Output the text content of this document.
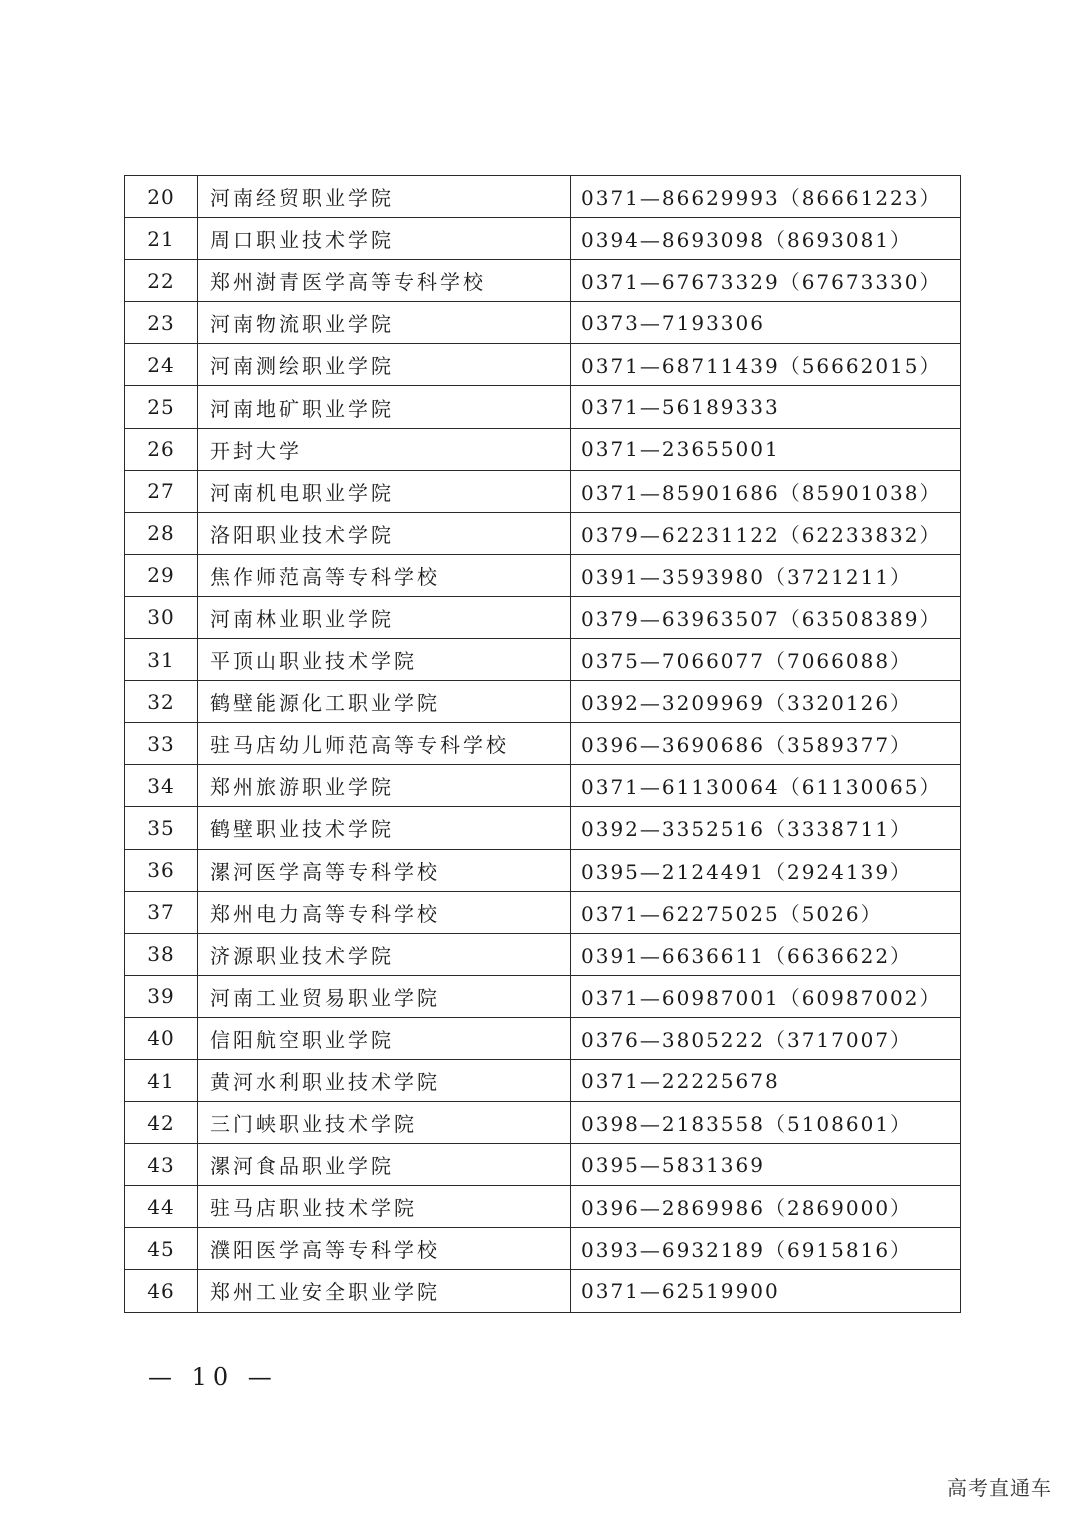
20	河南经贸职业学院	0371—86629993（86661223）
21	周口职业技术学院	0394—8693098（8693081）
22	郑州澍青医学高等专科学校	0371—67673329（67673330）
23	河南物流职业学院	0373—7193306
24	河南测绘职业学院	0371—68711439（56662015）
25	河南地矿职业学院	0371—56189333
26	开封大学	0371—23655001
27	河南机电职业学院	0371—85901686（85901038）
28	洛阳职业技术学院	0379—62231122（62233832）
29	焦作师范高等专科学校	0391—3593980（3721211）
30	河南林业职业学院	0379—63963507（63508389）
31	平顶山职业技术学院	0375—7066077（7066088）
32	鹤壁能源化工职业学院	0392—3209969（3320126）
33	驻马店幼儿师范高等专科学校	0396—3690686（3589377）
34	郑州旅游职业学院	0371—61130064（61130065）
35	鹤壁职业技术学院	0392—3352516（3338711）
36	漯河医学高等专科学校	0395—2124491（2924139）
37	郑州电力高等专科学校	0371—62275025（5026）
38	济源职业技术学院	0391—6636611（6636622）
39	河南工业贸易职业学院	0371—60987001（60987002）
40	信阳航空职业学院	0376—3805222（3717007）
41	黄河水利职业技术学院	0371—22225678
42	三门峡职业技术学院	0398—2183558（5108601）
43	漯河食品职业学院	0395—5831369
44	驻马店职业技术学院	0396—2869986（2869000）
45	濮阳医学高等专科学校	0393—6932189（6915816）
46	郑州工业安全职业学院	0371—62519900
— 10 —
高考直通车
